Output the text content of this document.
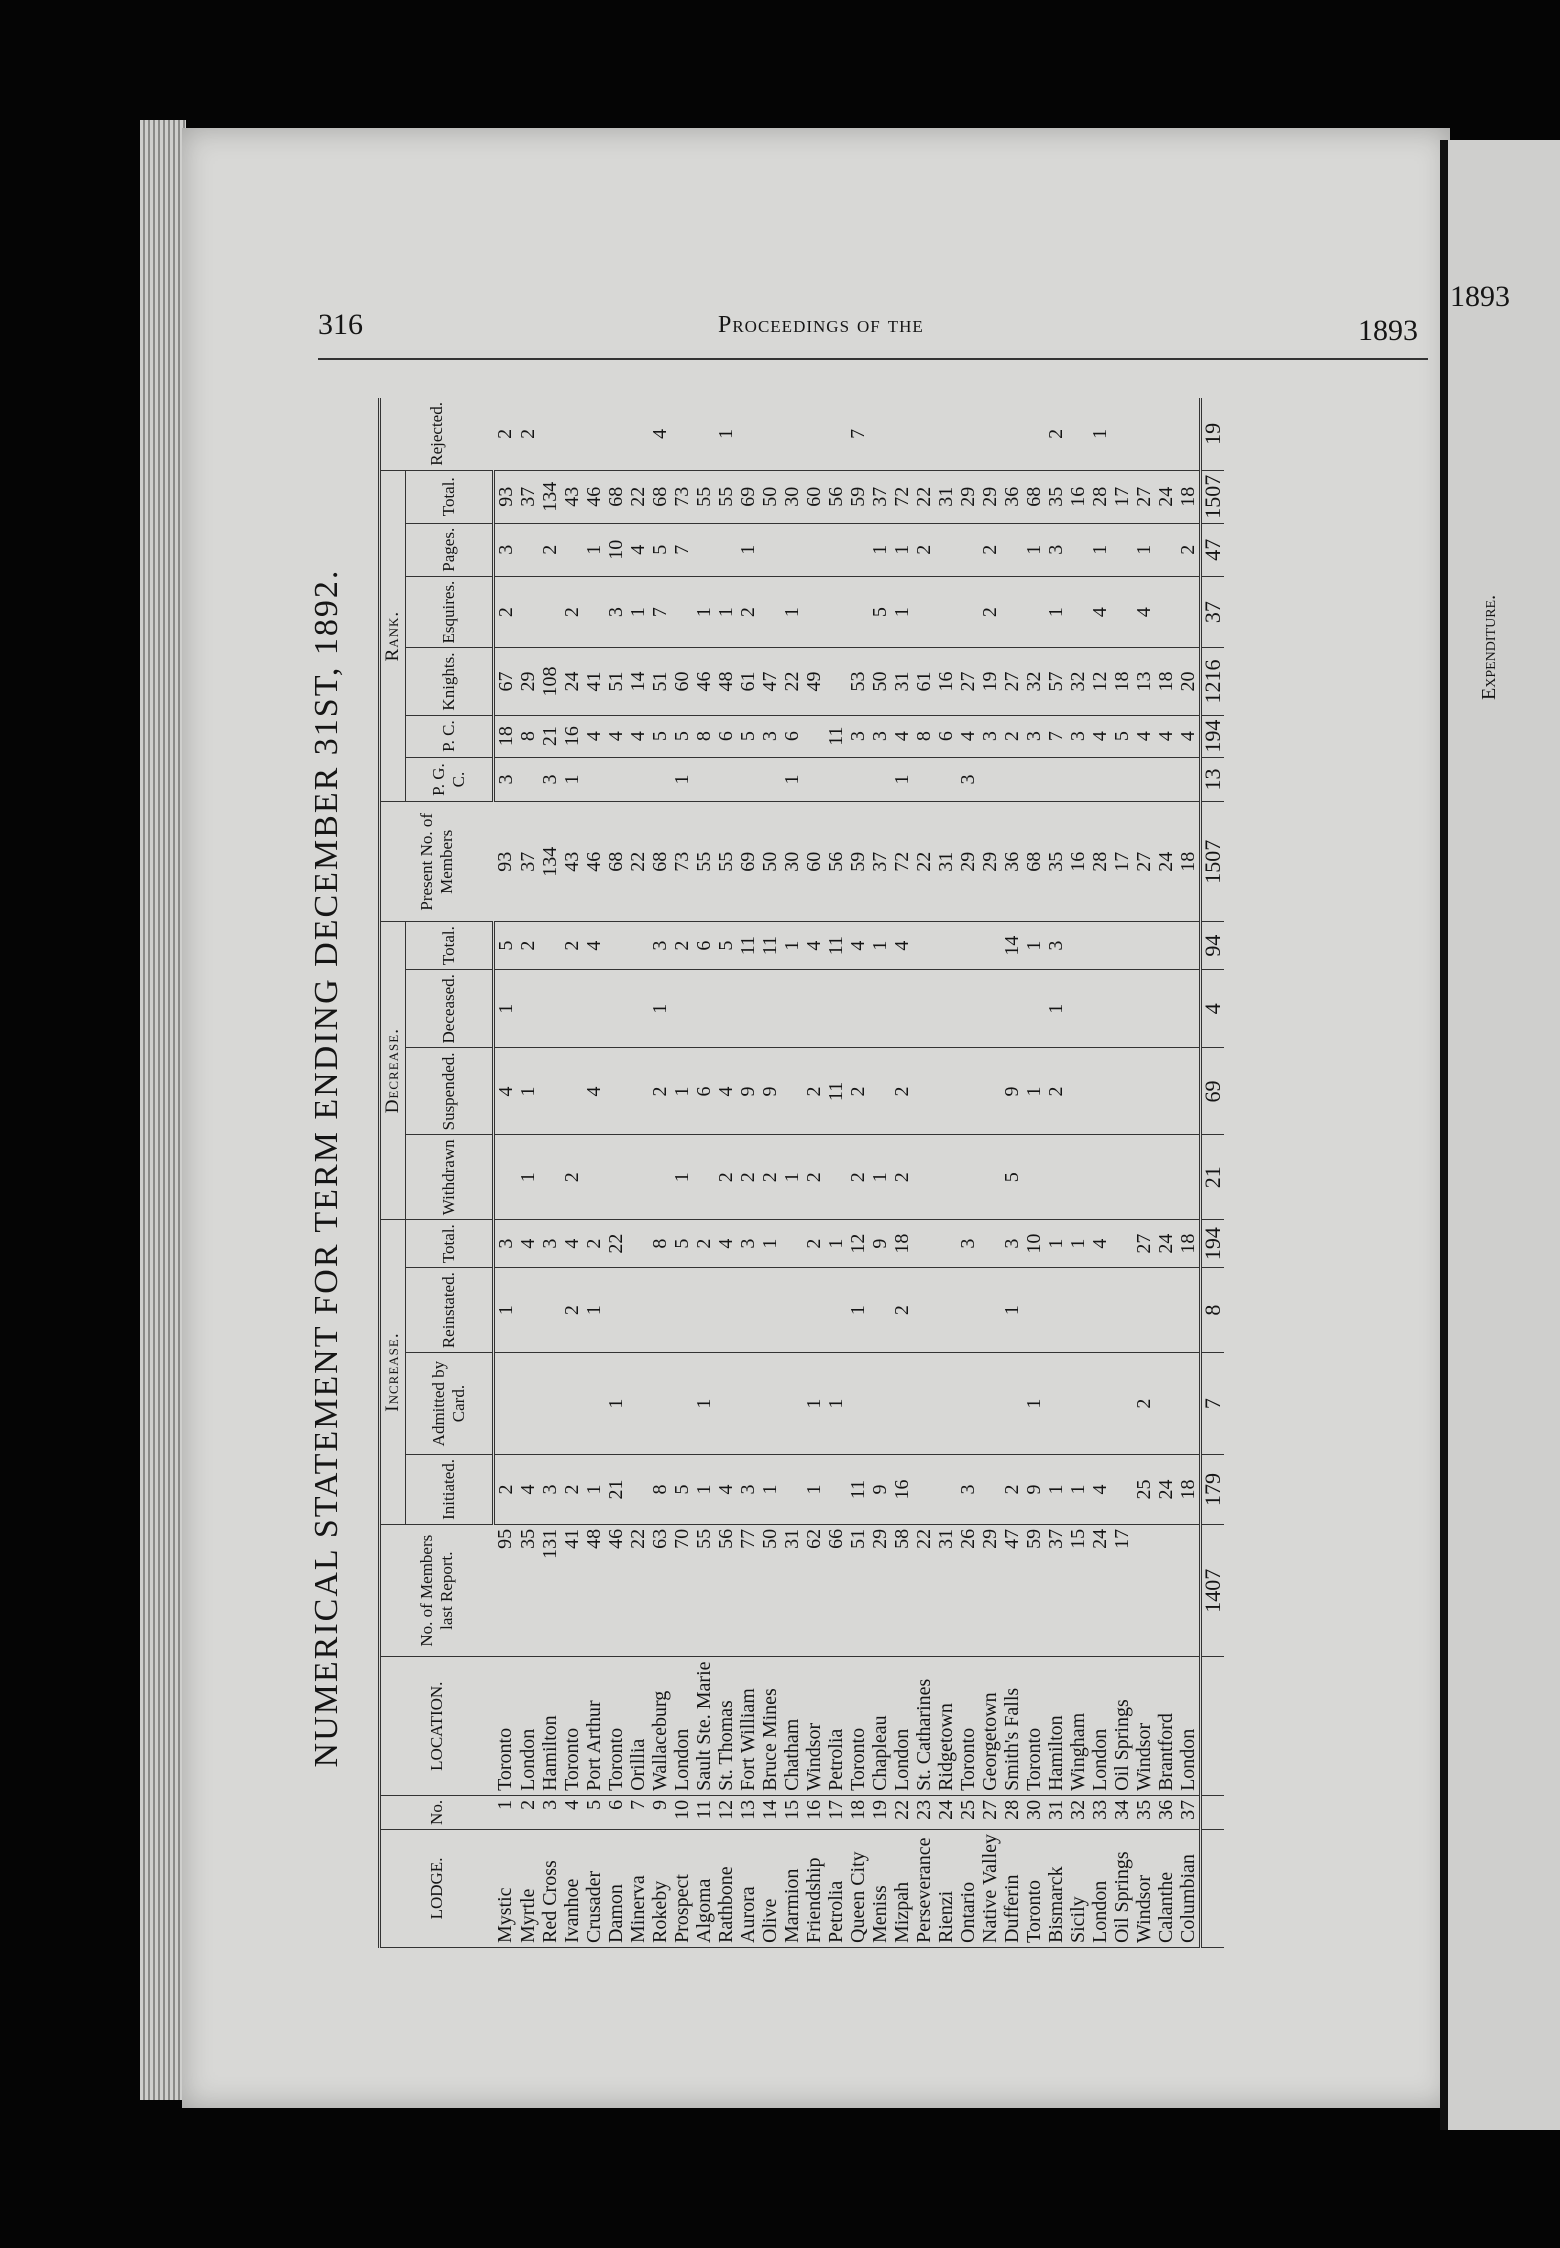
1893
Expenditure.
316	Proceedings of the	1893
NUMERICAL STATEMENT FOR TERM ENDING DECEMBER 31ST, 1892.
LODGE.	No.	LOCATION.	No. of Members last Report.	Increase.				Decrease.				Present No. of Members	Rank.						Rejected.
				Initiated.	Admitted by Card.	Reinstated.	Total.	Withdrawn	Suspended.	Deceased.	Total.		P. G. C.	P. C.	Knights.	Esquires.	Pages.	Total.	
Mystic	1	Toronto	95	2		1	3		4	1	5	93	3	18	67	2	3	93	2
Myrtle	2	London	35	4			4	1	1		2	37		8	29			37	2
Red Cross	3	Hamilton	131	3			3					134	3	21	108		2	134	
Ivanhoe	4	Toronto	41	2		2	4	2			2	43	1	16	24	2		43	
Crusader	5	Port Arthur	48	1		1	2		4		4	46		4	41		1	46	
Damon	6	Toronto	46	21	1		22					68		4	51	3	10	68	
Minerva	7	Orillia	22									22		4	14	1	4	22	
Rokeby	9	Wallaceburg	63	8			8		2	1	3	68		5	51	7	5	68	4
Prospect	10	London	70	5			5	1	1		2	73	1	5	60		7	73	
Algoma	11	Sault Ste. Marie	55	1	1		2		6		6	55		8	46	1		55	
Rathbone	12	St. Thomas	56	4			4	2	4		5	55		6	48	1		55	1
Aurora	13	Fort William	77	3			3	2	9		11	69		5	61	2	1	69	
Olive	14	Bruce Mines	50	1			1	2	9		11	50		3	47			50	
Marmion	15	Chatham	31					1			1	30	1	6	22	1		30	
Friendship	16	Windsor	62	1	1		2	2	2		4	60			49			60	
Petrolia	17	Petrolia	66		1		1		11		11	56		11				56	
Queen City	18	Toronto	51	11		1	12	2	2		4	59		3	53			59	7
Meniss	19	Chapleau	29	9			9	1			1	37		3	50	5	1	37	
Mizpah	22	London	58	16		2	18	2	2		4	72	1	4	31	1	1	72	
Perseverance	23	St. Catharines	22									22		8	61		2	22	
Rienzi	24	Ridgetown	31									31		6	16			31	
Ontario	25	Toronto	26	3			3					29	3	4	27			29	
Native Valley	27	Georgetown	29									29		3	19	2	2	29	
Dufferin	28	Smith's Falls	47	2		1	3	5	9		14	36		2	27			36	
Toronto	30	Toronto	59	9	1		10		1		1	68		3	32		1	68	
Bismarck	31	Hamilton	37	1			1		2	1	3	35		7	57	1	3	35	2
Sicily	32	Wingham	15	1			1					16		3	32			16	
London	33	London	24	4			4					28		4	12	4	1	28	1
Oil Springs	34	Oil Springs	17									17		5	18			17	
Windsor	35	Windsor		25	2		27					27		4	13	4	1	27	
Calanthe	36	Brantford		24			24					24		4	18			24	
Columbian	37	London		18			18					18		4	20		2	18	
			1407	179	7	8	194	21	69	4	94	1507	13	194	1216	37	47	1507	19
